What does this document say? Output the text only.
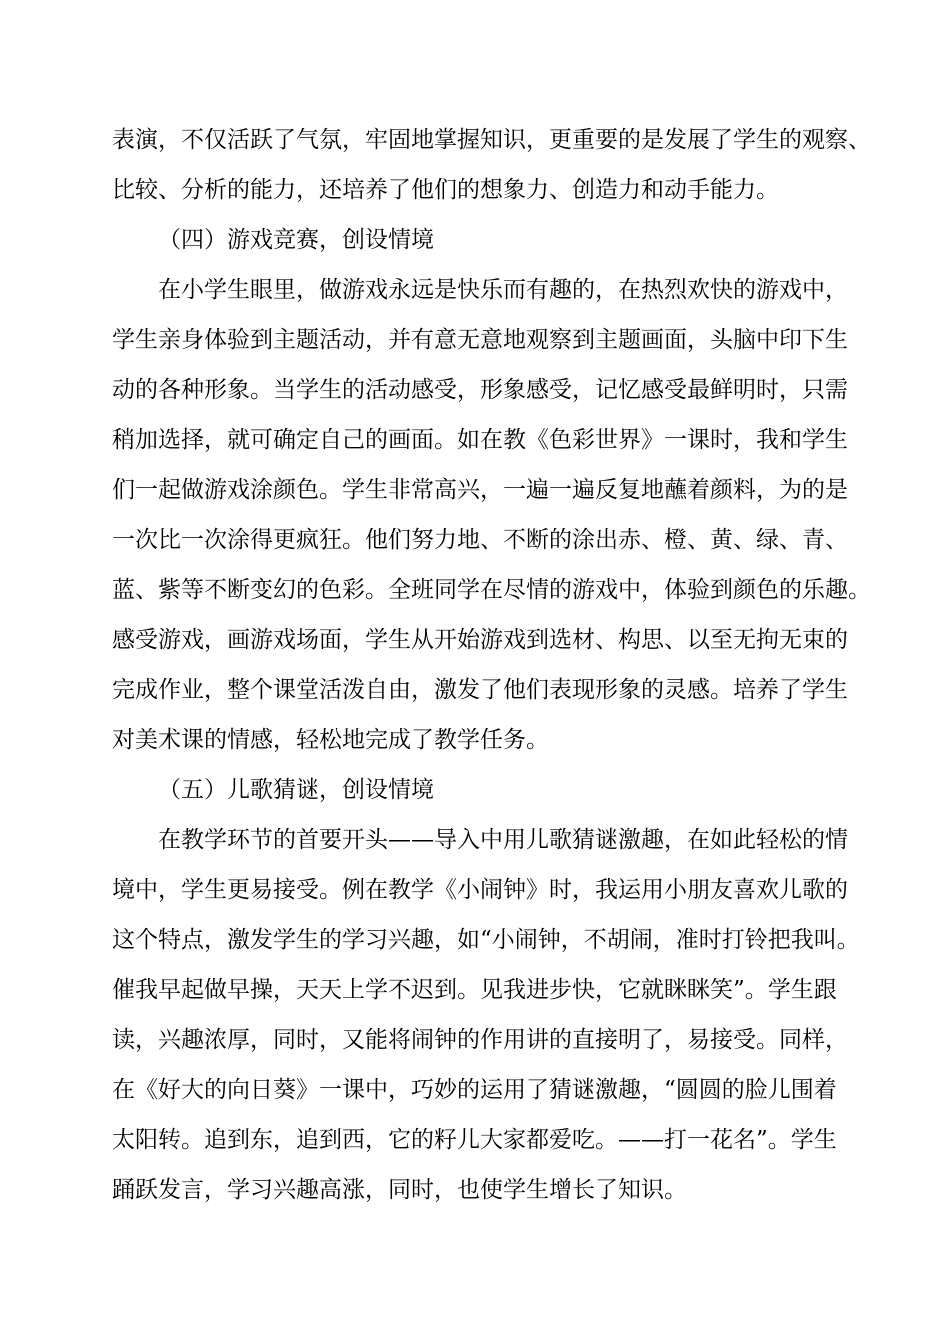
表演，不仅活跃了气氛，牢固地掌握知识，更重要的是发展了学生的观察、
比较、分析的能力，还培养了他们的想象力、创造力和动手能力。
（四）游戏竞赛，创设情境
在小学生眼里，做游戏永远是快乐而有趣的，在热烈欢快的游戏中，
学生亲身体验到主题活动，并有意无意地观察到主题画面，头脑中印下生
动的各种形象。当学生的活动感受，形象感受，记忆感受最鲜明时，只需
稍加选择，就可确定自己的画面。如在教《色彩世界》一课时，我和学生
们一起做游戏涂颜色。学生非常高兴，一遍一遍反复地蘸着颜料，为的是
一次比一次涂得更疯狂。他们努力地、不断的涂出赤、橙、黄、绿、青、
蓝、紫等不断变幻的色彩。全班同学在尽情的游戏中，体验到颜色的乐趣。
感受游戏，画游戏场面，学生从开始游戏到选材、构思、以至无拘无束的
完成作业，整个课堂活泼自由，激发了他们表现形象的灵感。培养了学生
对美术课的情感，轻松地完成了教学任务。
（五）儿歌猜谜，创设情境
在教学环节的首要开头——导入中用儿歌猜谜激趣，在如此轻松的情
境中，学生更易接受。例在教学《小闹钟》时，我运用小朋友喜欢儿歌的
这个特点，激发学生的学习兴趣，如“小闹钟，不胡闹，准时打铃把我叫。
催我早起做早操，天天上学不迟到。见我进步快，它就眯眯笑”。学生跟
读，兴趣浓厚，同时，又能将闹钟的作用讲的直接明了，易接受。同样，
在《好大的向日葵》一课中，巧妙的运用了猜谜激趣，“圆圆的脸儿围着
太阳转。追到东，追到西，它的籽儿大家都爱吃。——打一花名”。学生
踊跃发言，学习兴趣高涨，同时，也使学生增长了知识。
